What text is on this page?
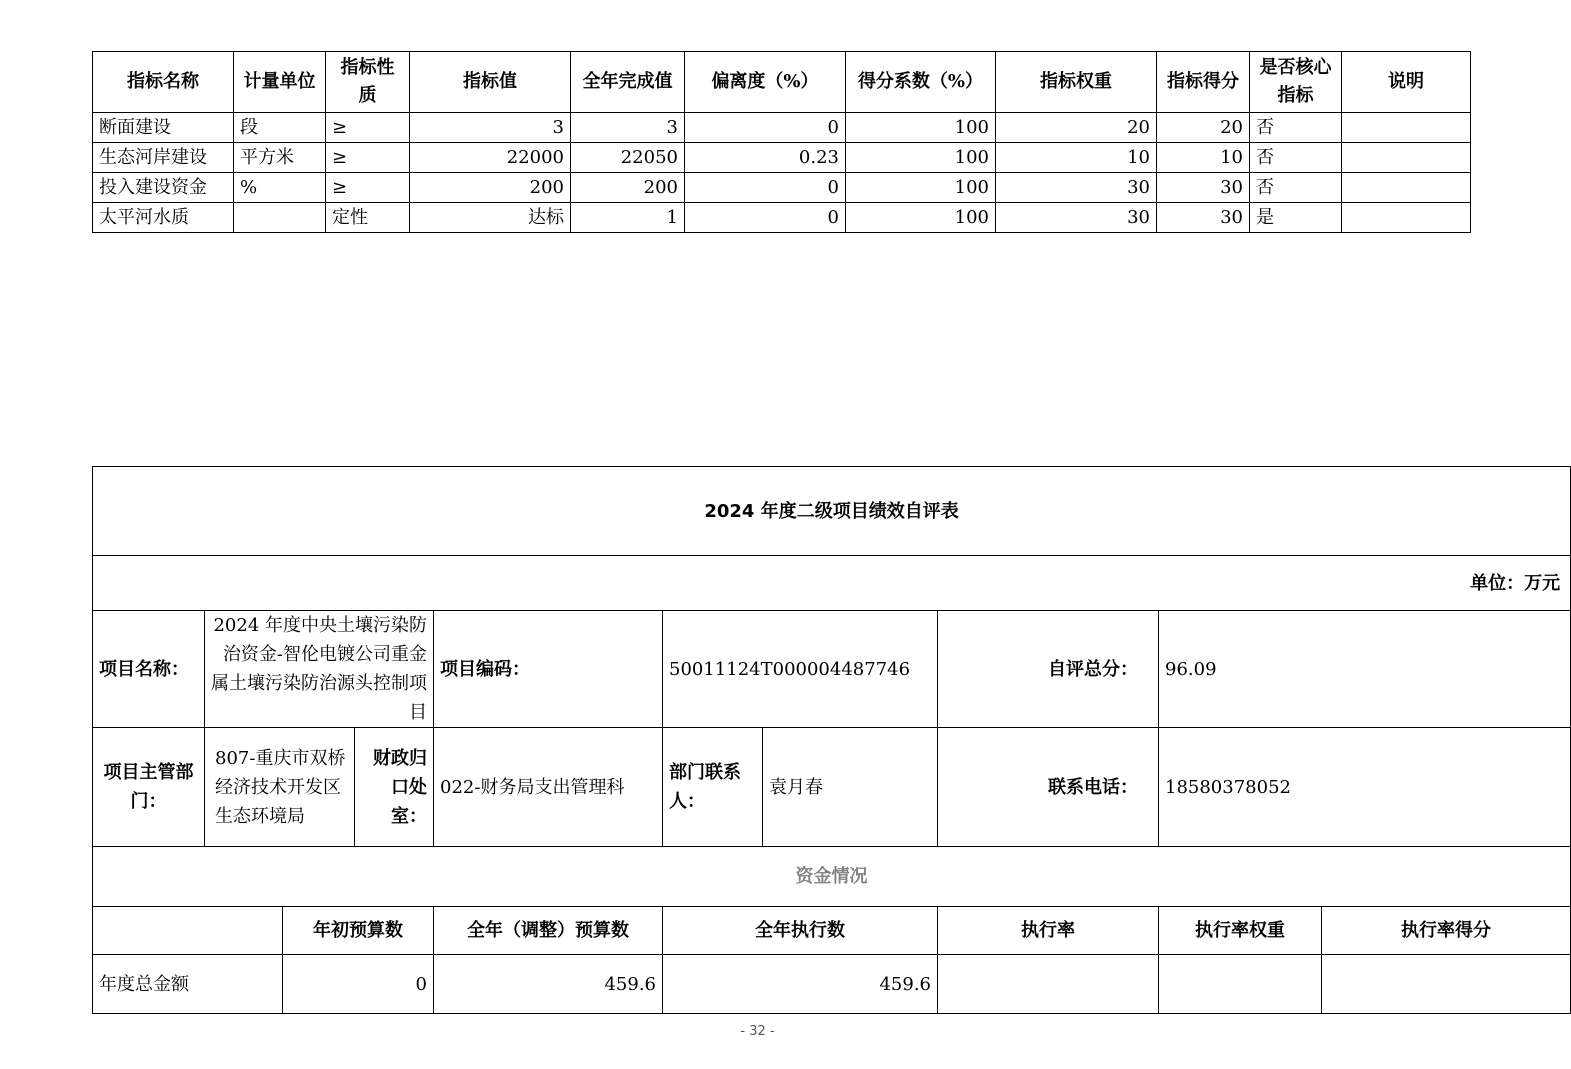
指标名称	计量单位	指标性质	指标值	全年完成值	偏离度（%）	得分系数（%）	指标权重	指标得分	是否核心指标	说明
断面建设	段	≥	3	3	0	100	20	20	否	
生态河岸建设	平方米	≥	22000	22050	0.23	100	10	10	否	
投入建设资金	%	≥	200	200	0	100	30	30	否	
太平河水质		定性	达标	1	0	100	30	30	是	
2024 年度二级项目绩效自评表									
单位：万元									
项目名称：	2024 年度中央土壤污染防治资金-智伦电镀公司重金属土壤污染防治源头控制项目			项目编码：	50011124T000004487746		自评总分：	96.09	
项目主管部门：	807-重庆市双桥经济技术开发区生态环境局		财政归口处室：	022-财务局支出管理科	部门联系人：	袁月春	联系电话：	18580378052	
资金情况									
		年初预算数		全年（调整）预算数	全年执行数		执行率	执行率权重	执行率得分
年度总金额		0		459.6	459.6				
- 32 -
